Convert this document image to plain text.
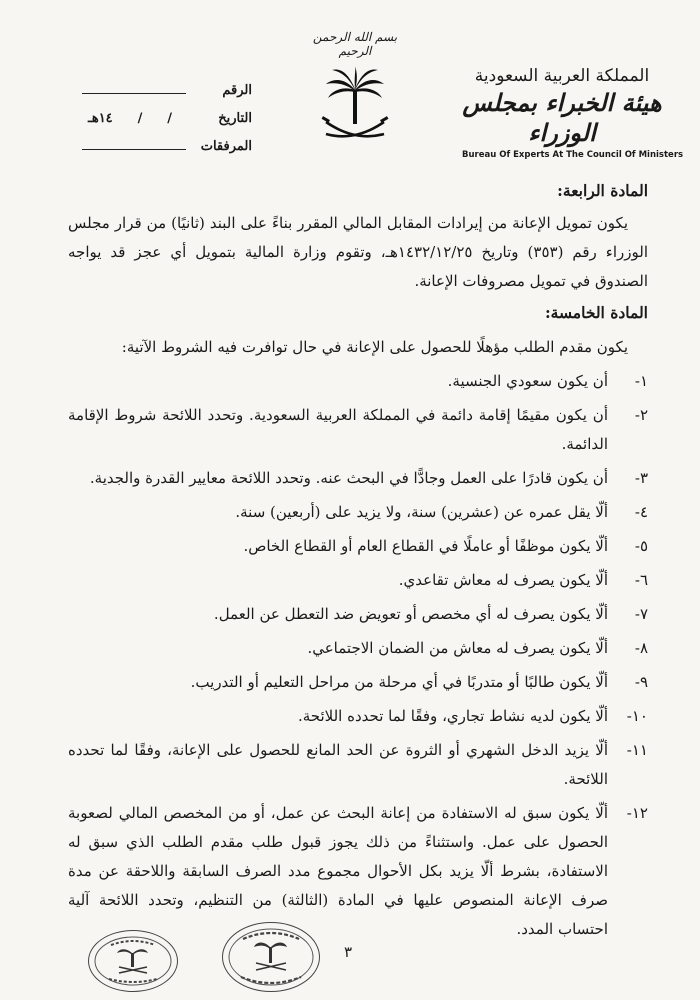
المملكة العربية السعودية
هيئة الخبراء بمجلس الوزراء
Bureau Of Experts At The Council Of Ministers
بسم الله الرحمن الرحيم
الرقم
التاريخ
/
/
١٤هـ
المرفقات

المادة الرابعة:

يكون تمويل الإعانة من إيرادات المقابل المالي المقرر بناءً على البند (ثانيًا) من قرار مجلس الوزراء رقم (٣٥٣) وتاريخ ١٤٣٢/١٢/٢٥هـ، وتقوم وزارة المالية بتمويل أي عجز قد يواجه الصندوق في تمويل مصروفات الإعانة.

المادة الخامسة:

يكون مقدم الطلب مؤهلًا للحصول على الإعانة في حال توافرت فيه الشروط الآتية:

١-
أن يكون سعودي الجنسية.
٢-
أن يكون مقيمًا إقامة دائمة في المملكة العربية السعودية. وتحدد اللائحة شروط الإقامة الدائمة.
٣-
أن يكون قادرًا على العمل وجادًّا في البحث عنه. وتحدد اللائحة معايير القدرة والجدية.
٤-
ألّا يقل عمره عن (عشرين) سنة، ولا يزيد على (أربعين) سنة.
٥-
ألّا يكون موظفًا أو عاملًا في القطاع العام أو القطاع الخاص.
٦-
ألّا يكون يصرف له معاش تقاعدي.
٧-
ألّا يكون يصرف له أي مخصص أو تعويض ضد التعطل عن العمل.
٨-
ألّا يكون يصرف له معاش من الضمان الاجتماعي.
٩-
ألّا يكون طالبًا أو متدربًا في أي مرحلة من مراحل التعليم أو التدريب.
١٠-
ألّا يكون لديه نشاط تجاري، وفقًا لما تحدده اللائحة.
١١-
ألّا يزيد الدخل الشهري أو الثروة عن الحد المانع للحصول على الإعانة، وفقًا لما تحدده اللائحة.
١٢-
ألّا يكون سبق له الاستفادة من إعانة البحث عن عمل، أو من المخصص المالي لصعوبة الحصول على عمل. واستثناءً من ذلك يجوز قبول طلب مقدم الطلب الذي سبق له الاستفادة، بشرط ألّا يزيد بكل الأحوال مجموع مدد الصرف السابقة واللاحقة عن مدة صرف الإعانة المنصوص عليها في المادة (الثالثة) من التنظيم، وتحدد اللائحة آلية احتساب المدد.
٣
